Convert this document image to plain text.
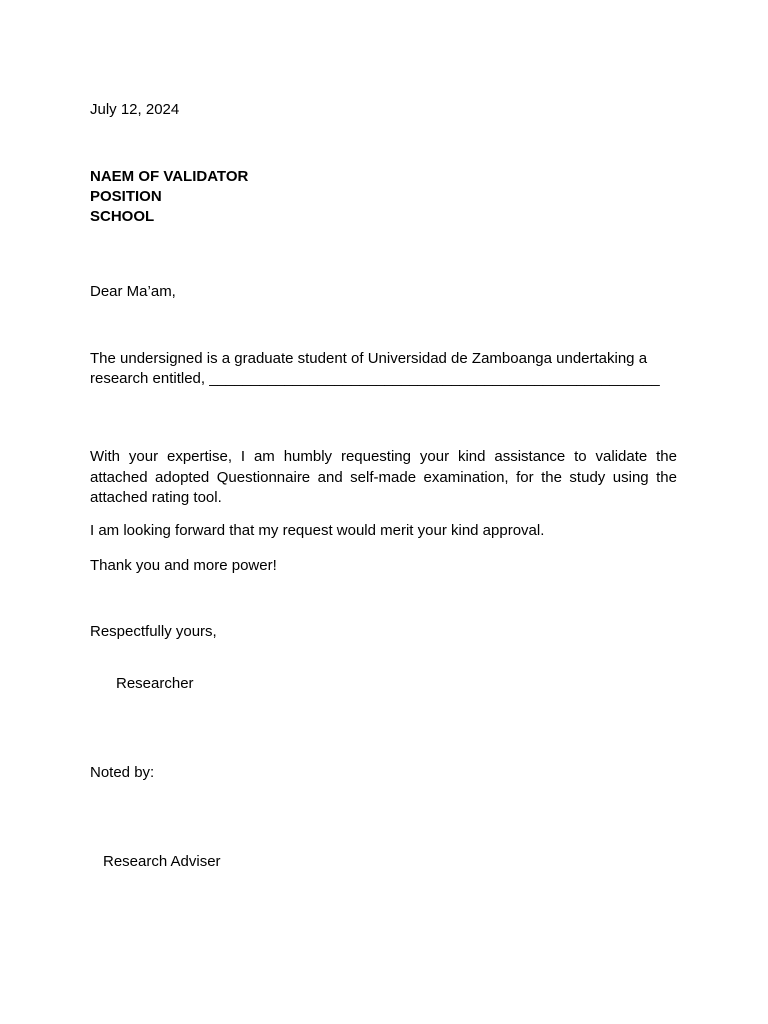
July 12, 2024
NAEM OF VALIDATOR
POSITION
SCHOOL
Dear Ma’am,
The undersigned is a graduate student of Universidad de Zamboanga undertaking a
research entitled, ______________________________________________________
With your expertise, I am humbly requesting your kind assistance to validate the attached adopted Questionnaire and self-made examination, for the study using the attached rating tool.
I am looking forward that my request would merit your kind approval.
Thank you and more power!
Respectfully yours,
Researcher
Noted by:
Research Adviser
